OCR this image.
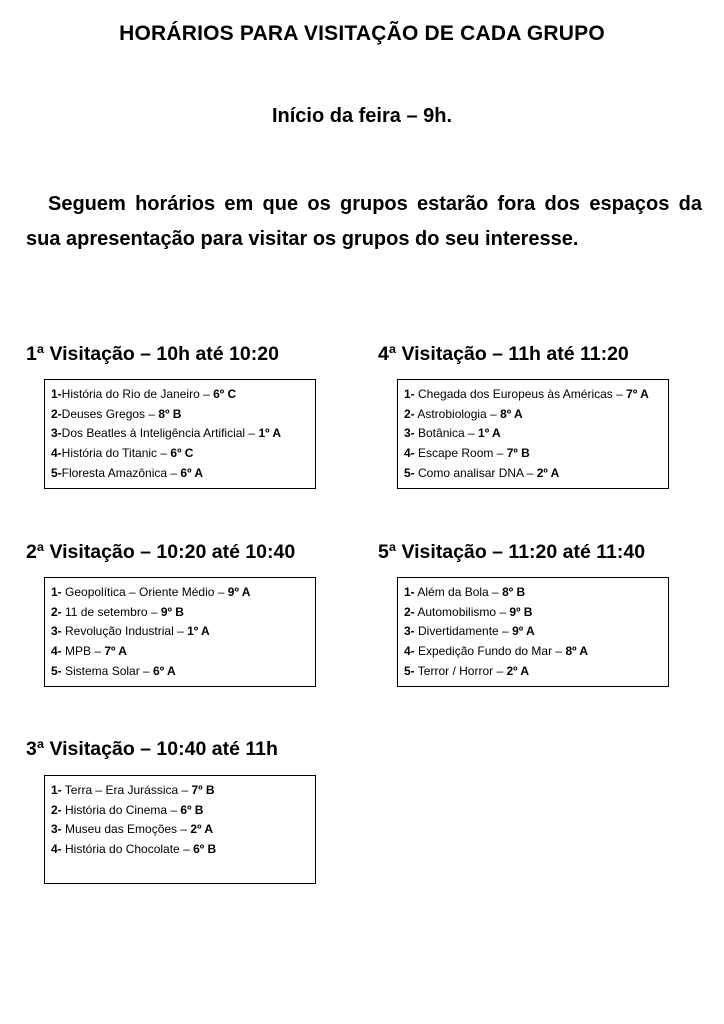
HORÁRIOS PARA VISITAÇÃO DE CADA GRUPO
Início da feira – 9h.
Seguem horários em que os grupos estarão fora dos espaços da sua apresentação para visitar os grupos do seu interesse.
1ª Visitação – 10h até 10:20
1-História do Rio de Janeiro – 6º C
2-Deuses Gregos – 8º B
3-Dos Beatles à Inteligência Artificial – 1º A
4-História do Titanic – 6º C
5-Floresta Amazônica – 6º A
4ª Visitação – 11h até 11:20
1- Chegada dos Europeus às Américas – 7º A
2- Astrobiologia – 8º A
3- Botânica – 1º A
4- Escape Room – 7º B
5- Como analisar DNA – 2º A
2ª Visitação – 10:20 até 10:40
1- Geopolítica – Oriente Médio – 9º A
2- 11 de setembro – 9º B
3- Revolução Industrial – 1º A
4- MPB – 7º A
5- Sistema Solar – 6º A
5ª Visitação – 11:20 até 11:40
1- Além da Bola – 8º B
2- Automobilismo – 9º B
3- Divertidamente – 9º A
4- Expedição Fundo do Mar – 8º A
5- Terror / Horror – 2º A
3ª Visitação – 10:40 até 11h
1- Terra – Era Jurássica – 7º B
2- História do Cinema – 6º B
3- Museu das Emoções – 2º A
4- História do Chocolate – 6º B
